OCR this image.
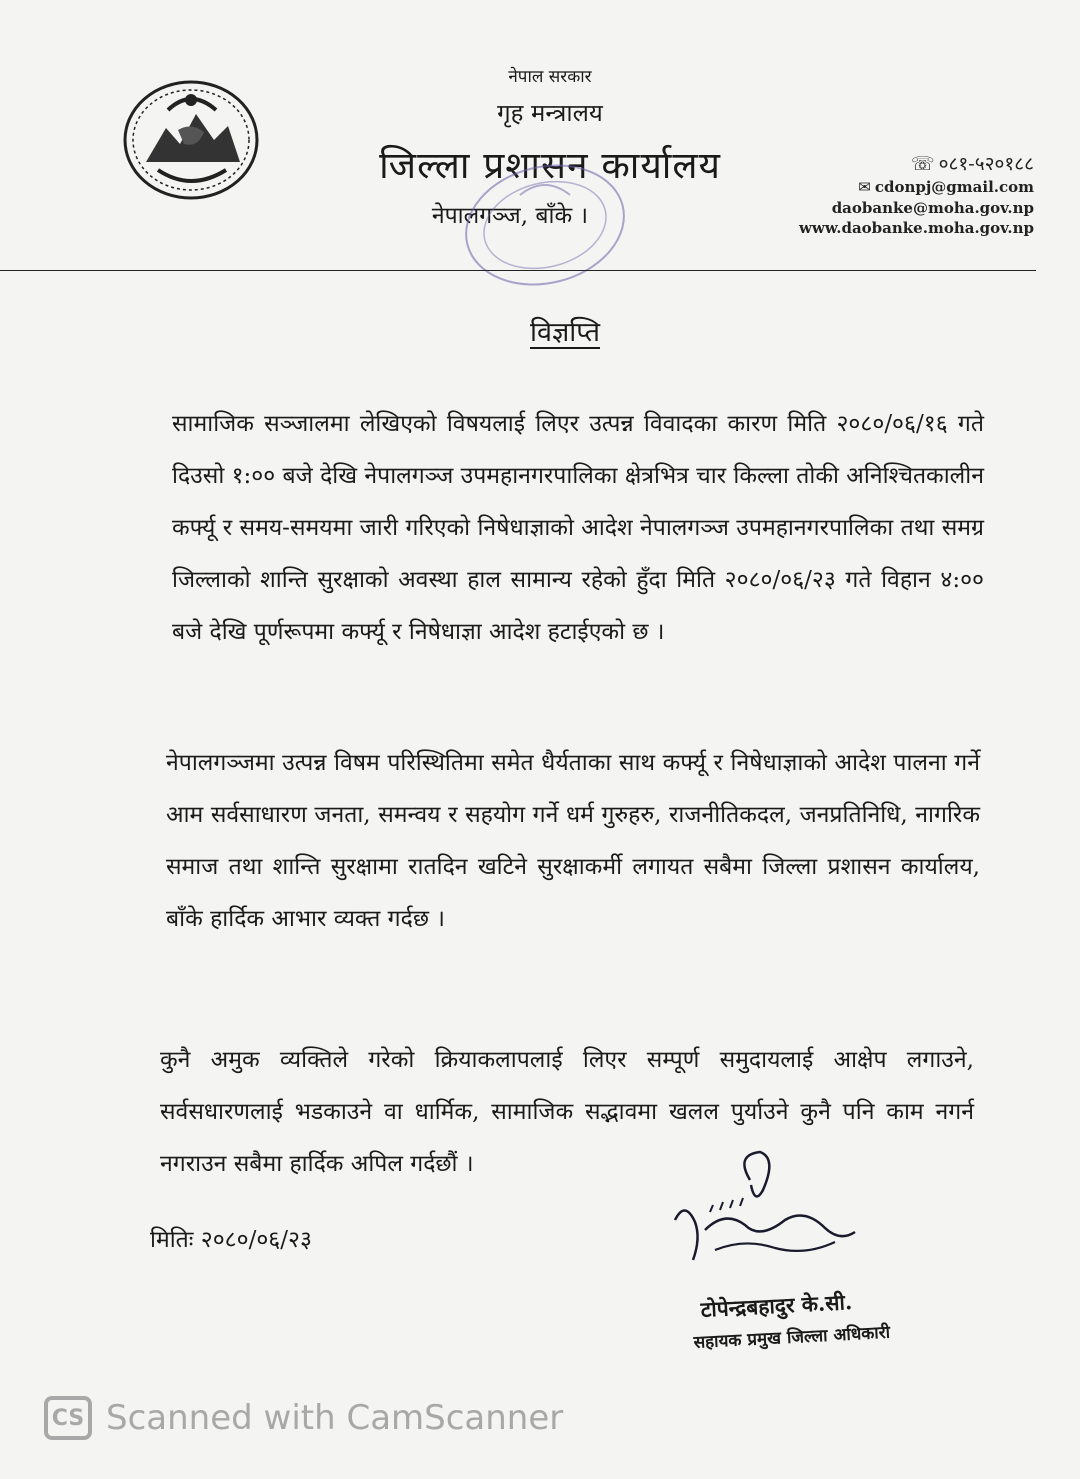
नेपाल सरकार
गृह मन्त्रालय
जिल्ला प्रशासन कार्यालय
नेपालगञ्ज, बाँके ।
☏ ०८१-५२०१८८
✉ cdonpj@gmail.com
daobanke@moha.gov.np
www.daobanke.moha.gov.np
विज्ञप्ति
सामाजिक सञ्जालमा लेखिएको विषयलाई लिएर उत्पन्न विवादका कारण मिति २०८०/०६/१६ गते दिउसो १:०० बजे देखि नेपालगञ्ज उपमहानगरपालिका क्षेत्रभित्र चार किल्ला तोकी अनिश्चितकालीन कर्फ्यू र समय-समयमा जारी गरिएको निषेधाज्ञाको आदेश नेपालगञ्ज उपमहानगरपालिका तथा समग्र जिल्लाको शान्ति सुरक्षाको अवस्था हाल सामान्य रहेको हुँदा मिति २०८०/०६/२३ गते विहान ४:०० बजे देखि पूर्णरूपमा कर्फ्यू र निषेधाज्ञा आदेश हटाईएको छ ।
नेपालगञ्जमा उत्पन्न विषम परिस्थितिमा समेत धैर्यताका साथ कर्फ्यू र निषेधाज्ञाको आदेश पालना गर्ने आम सर्वसाधारण जनता, समन्वय र सहयोग गर्ने धर्म गुरुहरु, राजनीतिकदल, जनप्रतिनिधि, नागरिक समाज तथा शान्ति सुरक्षामा रातदिन खटिने सुरक्षाकर्मी लगायत सबैमा जिल्ला प्रशासन कार्यालय, बाँके हार्दिक आभार व्यक्त गर्दछ ।
कुनै अमुक व्यक्तिले गरेको क्रियाकलापलाई लिएर सम्पूर्ण समुदायलाई आक्षेप लगाउने, सर्वसधारणलाई भडकाउने वा धार्मिक, सामाजिक सद्भावमा खलल पुर्याउने कुनै पनि काम नगर्न नगराउन सबैमा हार्दिक अपिल गर्दछौं ।
मितिः २०८०/०६/२३
टोपेन्द्रबहादुर के.सी.
सहायक प्रमुख जिल्ला अधिकारी
CS Scanned with CamScanner
